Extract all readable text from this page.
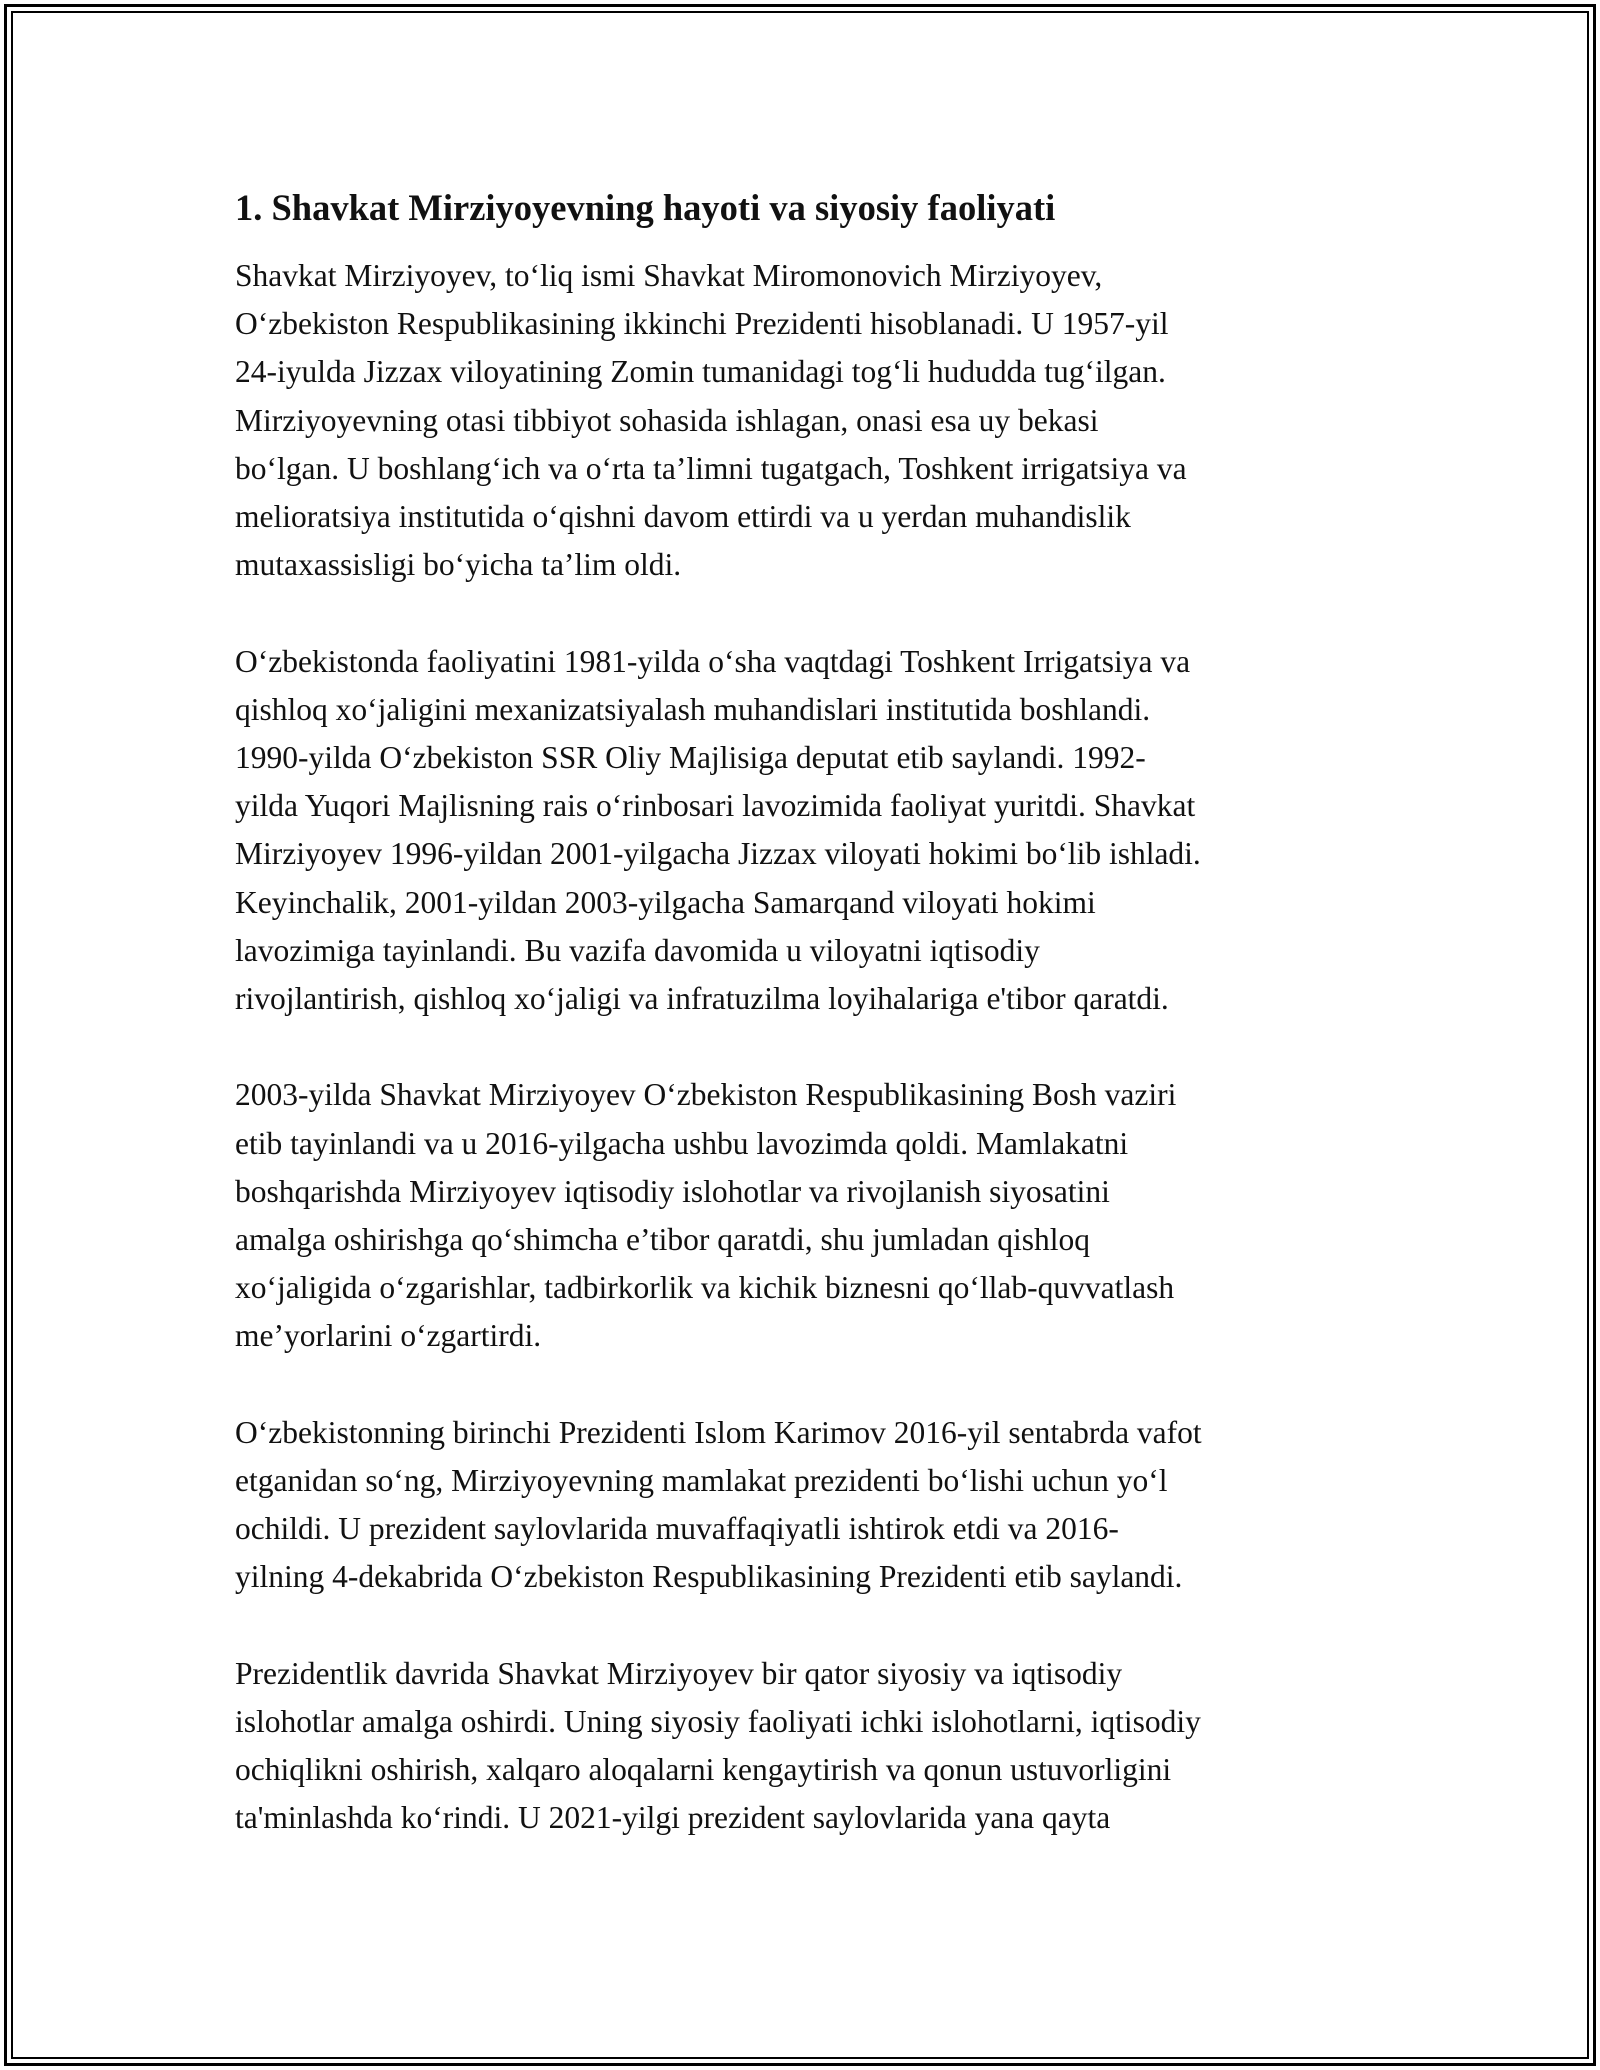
1. Shavkat Mirziyoyevning hayoti va siyosiy faoliyati

Shavkat Mirziyoyev, to‘liq ismi Shavkat Miromonovich Mirziyoyev,
O‘zbekiston Respublikasining ikkinchi Prezidenti hisoblanadi. U 1957-yil
24-iyulda Jizzax viloyatining Zomin tumanidagi tog‘li hududda tug‘ilgan.
Mirziyoyevning otasi tibbiyot sohasida ishlagan, onasi esa uy bekasi
bo‘lgan. U boshlang‘ich va o‘rta ta’limni tugatgach, Toshkent irrigatsiya va
melioratsiya institutida o‘qishni davom ettirdi va u yerdan muhandislik
mutaxassisligi bo‘yicha ta’lim oldi.

O‘zbekistonda faoliyatini 1981-yilda o‘sha vaqtdagi Toshkent Irrigatsiya va
qishloq xo‘jaligini mexanizatsiyalash muhandislari institutida boshlandi.
1990-yilda O‘zbekiston SSR Oliy Majlisiga deputat etib saylandi. 1992-
yilda Yuqori Majlisning rais o‘rinbosari lavozimida faoliyat yuritdi. Shavkat
Mirziyoyev 1996-yildan 2001-yilgacha Jizzax viloyati hokimi bo‘lib ishladi.
Keyinchalik, 2001-yildan 2003-yilgacha Samarqand viloyati hokimi
lavozimiga tayinlandi. Bu vazifa davomida u viloyatni iqtisodiy
rivojlantirish, qishloq xo‘jaligi va infratuzilma loyihalariga e'tibor qaratdi.

2003-yilda Shavkat Mirziyoyev O‘zbekiston Respublikasining Bosh vaziri
etib tayinlandi va u 2016-yilgacha ushbu lavozimda qoldi. Mamlakatni
boshqarishda Mirziyoyev iqtisodiy islohotlar va rivojlanish siyosatini
amalga oshirishga qo‘shimcha e’tibor qaratdi, shu jumladan qishloq
xo‘jaligida o‘zgarishlar, tadbirkorlik va kichik biznesni qo‘llab-quvvatlash
me’yorlarini o‘zgartirdi.

O‘zbekistonning birinchi Prezidenti Islom Karimov 2016-yil sentabrda vafot
etganidan so‘ng, Mirziyoyevning mamlakat prezidenti bo‘lishi uchun yo‘l
ochildi. U prezident saylovlarida muvaffaqiyatli ishtirok etdi va 2016-
yilning 4-dekabrida O‘zbekiston Respublikasining Prezidenti etib saylandi.

Prezidentlik davrida Shavkat Mirziyoyev bir qator siyosiy va iqtisodiy
islohotlar amalga oshirdi. Uning siyosiy faoliyati ichki islohotlarni, iqtisodiy
ochiqlikni oshirish, xalqaro aloqalarni kengaytirish va qonun ustuvorligini
ta'minlashda ko‘rindi. U 2021-yilgi prezident saylovlarida yana qayta
